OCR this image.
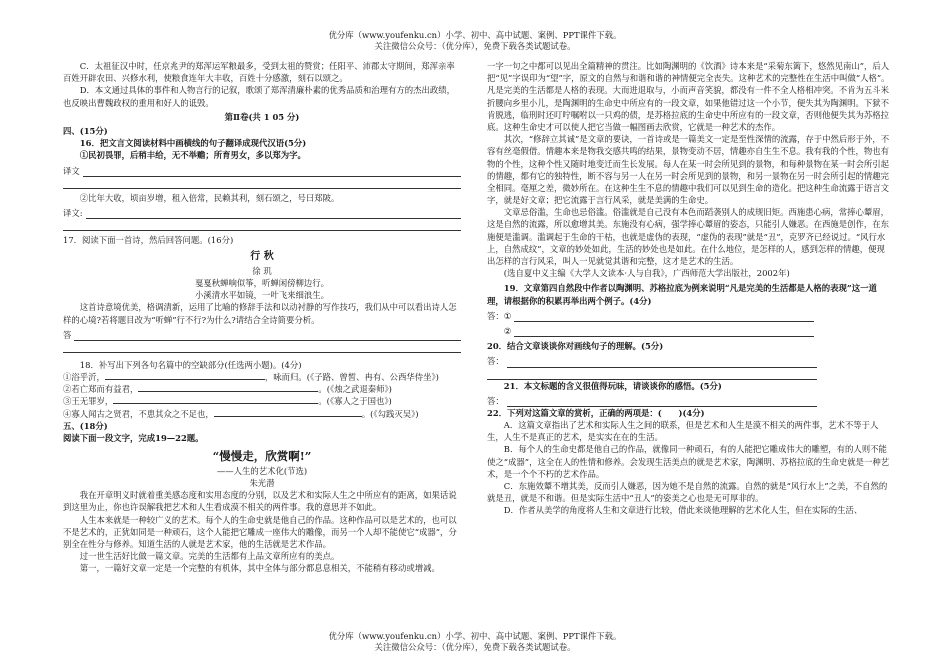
优分库（www.youfenku.cn）小学、初中、高中试题、案例、PPT课件下载。
关注微信公众号：（优分库），免费下载各类试题试卷。

C．太祖征汉中时，任京兆尹的郑浑运军粮最多，受到太祖的赞赏；任阳平、沛郡太守期间，郑浑亲率百姓开辟农田、兴修水利，使粮食连年大丰收，百姓十分感激，刻石以颂之。

D．本文通过具体的事件和人物言行的记叙，歌颂了郑浑清廉朴素的优秀品质和治理有方的杰出政绩，也反映出曹魏政权的重用和好人的诋毁。

第Ⅱ卷(共 1 05 分)

四、(15分)

16．把文言文阅读材料中画横线的句子翻译成现代汉语(5分)

①民初畏罪，后稍丰给，无不举赡；所育男女，多以郑为字。

译文

②比年大收，顷亩岁增，租入倍常，民赖其利，刻石颂之，号曰郑陂。

译文:

17．阅读下面一首诗，然后回答问题。(16分)

行 秋

徐 玑

戛戛秋蝉响似筝，听蝉闲傍柳边行。

小溪清水平如镜，一叶飞来细浪生。

　　这首诗意境优美，格调清新，运用了比喻的修辞手法和以动衬静的写作技巧，我们从中可以看出诗人怎样的心境?若将题目改为“听蝉”行不行?为什么?请结合全诗简要分析。

答

18．补写出下列各句名篇中的空缺部分(任选两小题)。(4分)

①浴乎沂，	，咏而归。(《子路、曾皙、冉有、公西华侍坐》)

②若亡郑而有益君，	。(《烛之武退秦师》)

③王无罪岁，	。(《寡人之于国也》)

④寡人闻古之贤君，不患其众之不足也，	。(《勾践灭吴》)

五、(18分)

阅读下面一段文字，完成19—22题。

“慢慢走，欣赏啊!”

——人生的艺术化(节选)

朱光潜

　　我在开章明义时就着重美感态度和实用态度的分别，以及艺术和实际人生之中所应有的距离，如果话说到这里为止，你也许误解我把艺术和人生看成漠不相关的两件事。我的意思并不如此。

　　人生本来就是一种较广义的艺术。每个人的生命史就是他自己的作品。这种作品可以是艺术的，也可以不是艺术的，正犹如同是一种顽石，这个人能把它雕成一座伟大的雕像，而另一个人却不能使它“成器”，分别全在性分与修养。知道生活的人就是艺术家，他的生活就是艺术作品。

　　过一世生活好比做一篇文章。完美的生活都有上品文章所应有的美点。

　　第一，一篇好文章一定是一个完整的有机体，其中全体与部分都息息相关，不能稍有移动或增减。

一字一句之中都可以见出全篇精神的贯注。比如陶渊明的《饮酒》诗本来是“采菊东篱下，悠然见南山”，后人把“见”字误印为“望”字，原文的自然与和谐和谐的神情便完全丧失。这种艺术的完整性在生活中叫做“人格”。凡是完美的生活都是人格的表现。大而进退取与，小而声音笑貌，都没有一件不全人格相冲突。不肯为五斗米折腰向乡里小儿，是陶渊明的生命史中所应有的一段文章，如果他错过这一个小节，便失其为陶渊明。下狱不肯脱逃，临刑时还叮咛嘱咐以一只鸡的债，是苏格拉底的生命史中所应有的一段文章，否则他便失其为苏格拉底。这种生命史才可以使人把它当做一幅图画去欣赏，它就是一种艺术的杰作。

　　其次，“修辞立其诚”是文章的要诀，一首诗或是一篇美文一定是至性深情的流露，存于中然后形于外，不容有丝毫假借。情趣本来是物我交感共鸣的结果，景物变动不居，情趣亦自生生不息。我有我的个性，物也有物的个性，这种个性又随时地变迁而生长发展。每人在某一时会所见到的景物，和每种景物在某一时会所引起的情趣，都有它的独特性，断不容与另一人在另一时会所见到的景物，和另一景物在另一时会所引起的情趣完全相同。毫厘之差，微妙所在。在这种生生不息的情趣中我们可以见到生命的造化。把这种生命流露于语言文字，就是好文章；把它流露于言行风采，就是美满的生命史。

　　文章忌俗滥，生命也忌俗滥。俗滥就是自己没有本色而蹈袭别人的成规旧矩。西施患心病，常捧心颦眉，这是自然的流露，所以愈增其美。东施没有心病，强学捧心颦眉的姿态，只能引人嫌恶。在西施是创作，在东施便是滥调。滥调起于生命的干枯，也就是虚伪的表现，“虚伪的表现”就是“丑”，克罗齐已经说过。“风行水上，自然成纹”，文章的妙处如此，生活的妙处也是如此。在什么地位，是怎样的人，感到怎样的情趣，便现出怎样的言行风采，叫人一见就觉其谐和完整，这才是艺术的生活。

(选自夏中义主编《大学人文读本·人与自我》，广西师范大学出版社，2002年)

19．文章第四自然段中作者以陶渊明、苏格拉底为例来说明“凡是完美的生活都是人格的表现”这一道理，请根据你的积累再举出两个例子。(4分)

答： ①
②

20．结合文章谈谈你对画线句子的理解。(5分)

答：

21．本文标题的含义很值得玩味，请谈谈你的感悟。(5分)

答：

22．下列对这篇文章的赏析，正确的两项是：(　　)(4分)

A．这篇文章指出了艺术和实际人生之间的联系，但是艺术和人生是漠不相关的两件事，艺术不等于人生，人生不是真正的艺术，是实实在在的生活。

B．每个人的生命史都是他自己的作品，就像同一种顽石，有的人能把它雕成伟大的雕塑，有的人则不能使之“成器”，这全在人的性情和修养。会发现生活美点的就是艺术家，陶渊明、苏格拉底的生命史就是一种艺术，是一个个不朽的艺术作品。

C．东施效颦不增其美，反而引人嫌恶，因为她不是自然的流露。自然的就是“风行水上”之美，不自然的就是丑，就是不和谐。但是实际生活中“丑人”的姿美之心也是无可厚非的。

D．作者从美学的角度将人生和文章进行比较，借此来谈他理解的艺术化人生，但在实际的生活、

优分库（www.youfenku.cn）小学、初中、高中试题、案例、PPT课件下载。
关注微信公众号：（优分库），免费下载各类试题试卷。
